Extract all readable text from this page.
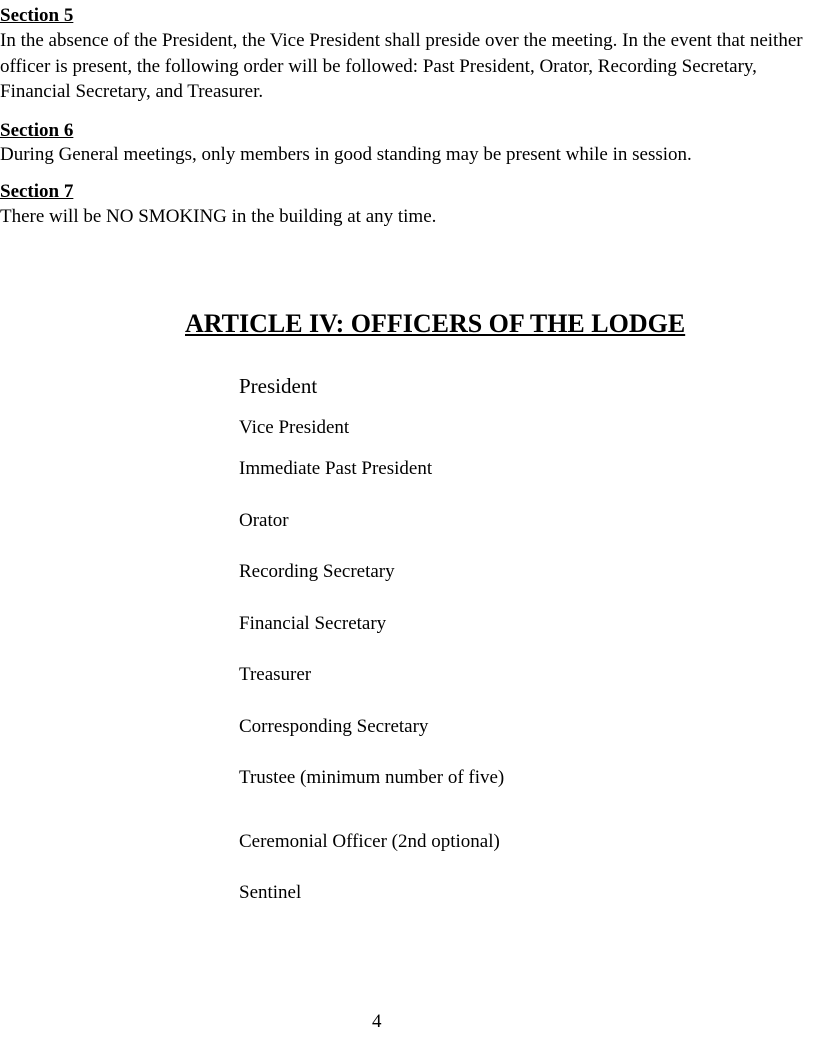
Section 5

In the absence of the President, the Vice President shall preside over the meeting. In the event that neither officer is present, the following order will be followed: Past President, Orator, Recording Secretary, Financial Secretary, and Treasurer.

Section 6

During General meetings, only members in good standing may be present while in session.

Section 7

There will be NO SMOKING in the building at any time.

ARTICLE IV: OFFICERS OF THE LODGE

President

Vice President

Immediate Past President

Orator

Recording Secretary

Financial Secretary

Treasurer

Corresponding Secretary

Trustee (minimum number of five)

Ceremonial Officer (2nd optional)

Sentinel

4
